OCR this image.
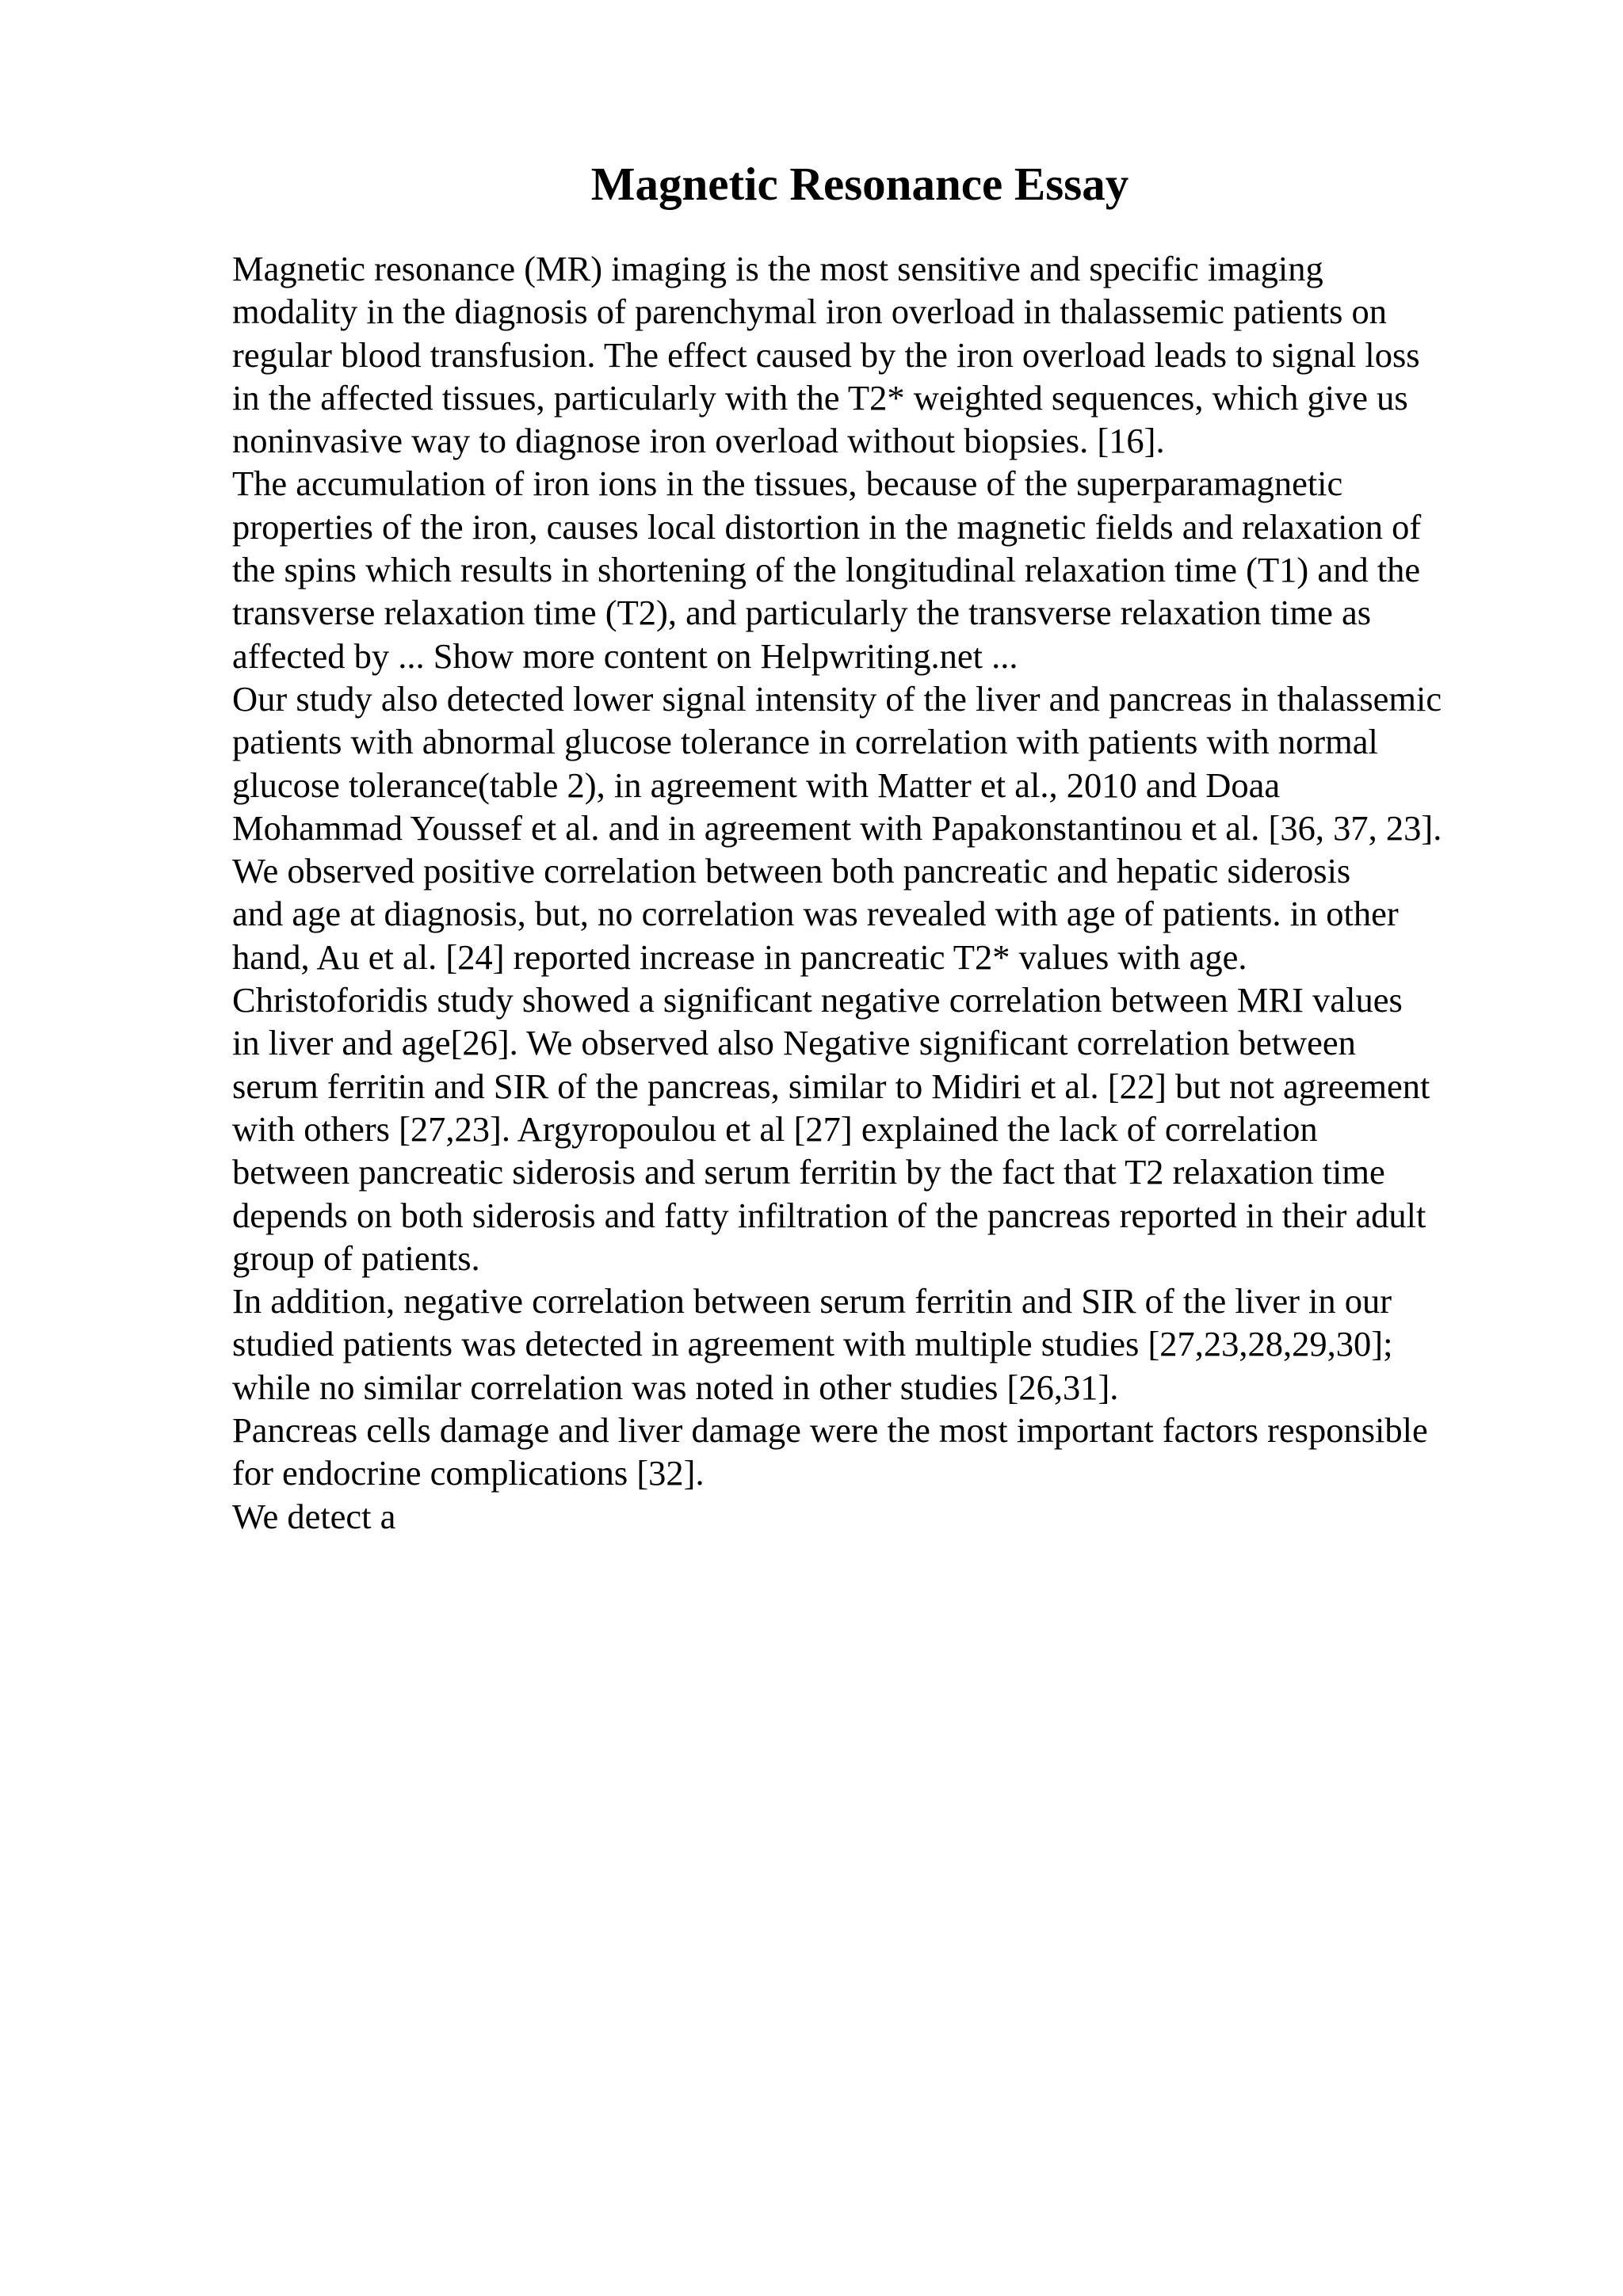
Magnetic Resonance Essay
Magnetic resonance (MR) imaging is the most sensitive and specific imaging
modality in the diagnosis of parenchymal iron overload in thalassemic patients on
regular blood transfusion. The effect caused by the iron overload leads to signal loss
in the affected tissues, particularly with the T2* weighted sequences, which give us
noninvasive way to diagnose iron overload without biopsies. [16].
The accumulation of iron ions in the tissues, because of the superparamagnetic
properties of the iron, causes local distortion in the magnetic fields and relaxation of
the spins which results in shortening of the longitudinal relaxation time (T1) and the
transverse relaxation time (T2), and particularly the transverse relaxation time as
affected by ... Show more content on Helpwriting.net ...
Our study also detected lower signal intensity of the liver and pancreas in thalassemic
patients with abnormal glucose tolerance in correlation with patients with normal
glucose tolerance(table 2), in agreement with Matter et al., 2010 and Doaa
Mohammad Youssef et al. and in agreement with Papakonstantinou et al. [36, 37, 23].
We observed positive correlation between both pancreatic and hepatic siderosis
and age at diagnosis, but, no correlation was revealed with age of patients. in other
hand, Au et al. [24] reported increase in pancreatic T2* values with age.
Christoforidis study showed a significant negative correlation between MRI values
in liver and age[26]. We observed also Negative significant correlation between
serum ferritin and SIR of the pancreas, similar to Midiri et al. [22] but not agreement
with others [27,23]. Argyropoulou et al [27] explained the lack of correlation
between pancreatic siderosis and serum ferritin by the fact that T2 relaxation time
depends on both siderosis and fatty infiltration of the pancreas reported in their adult
group of patients.
In addition, negative correlation between serum ferritin and SIR of the liver in our
studied patients was detected in agreement with multiple studies [27,23,28,29,30];
while no similar correlation was noted in other studies [26,31].
Pancreas cells damage and liver damage were the most important factors responsible
for endocrine complications [32].
We detect a
